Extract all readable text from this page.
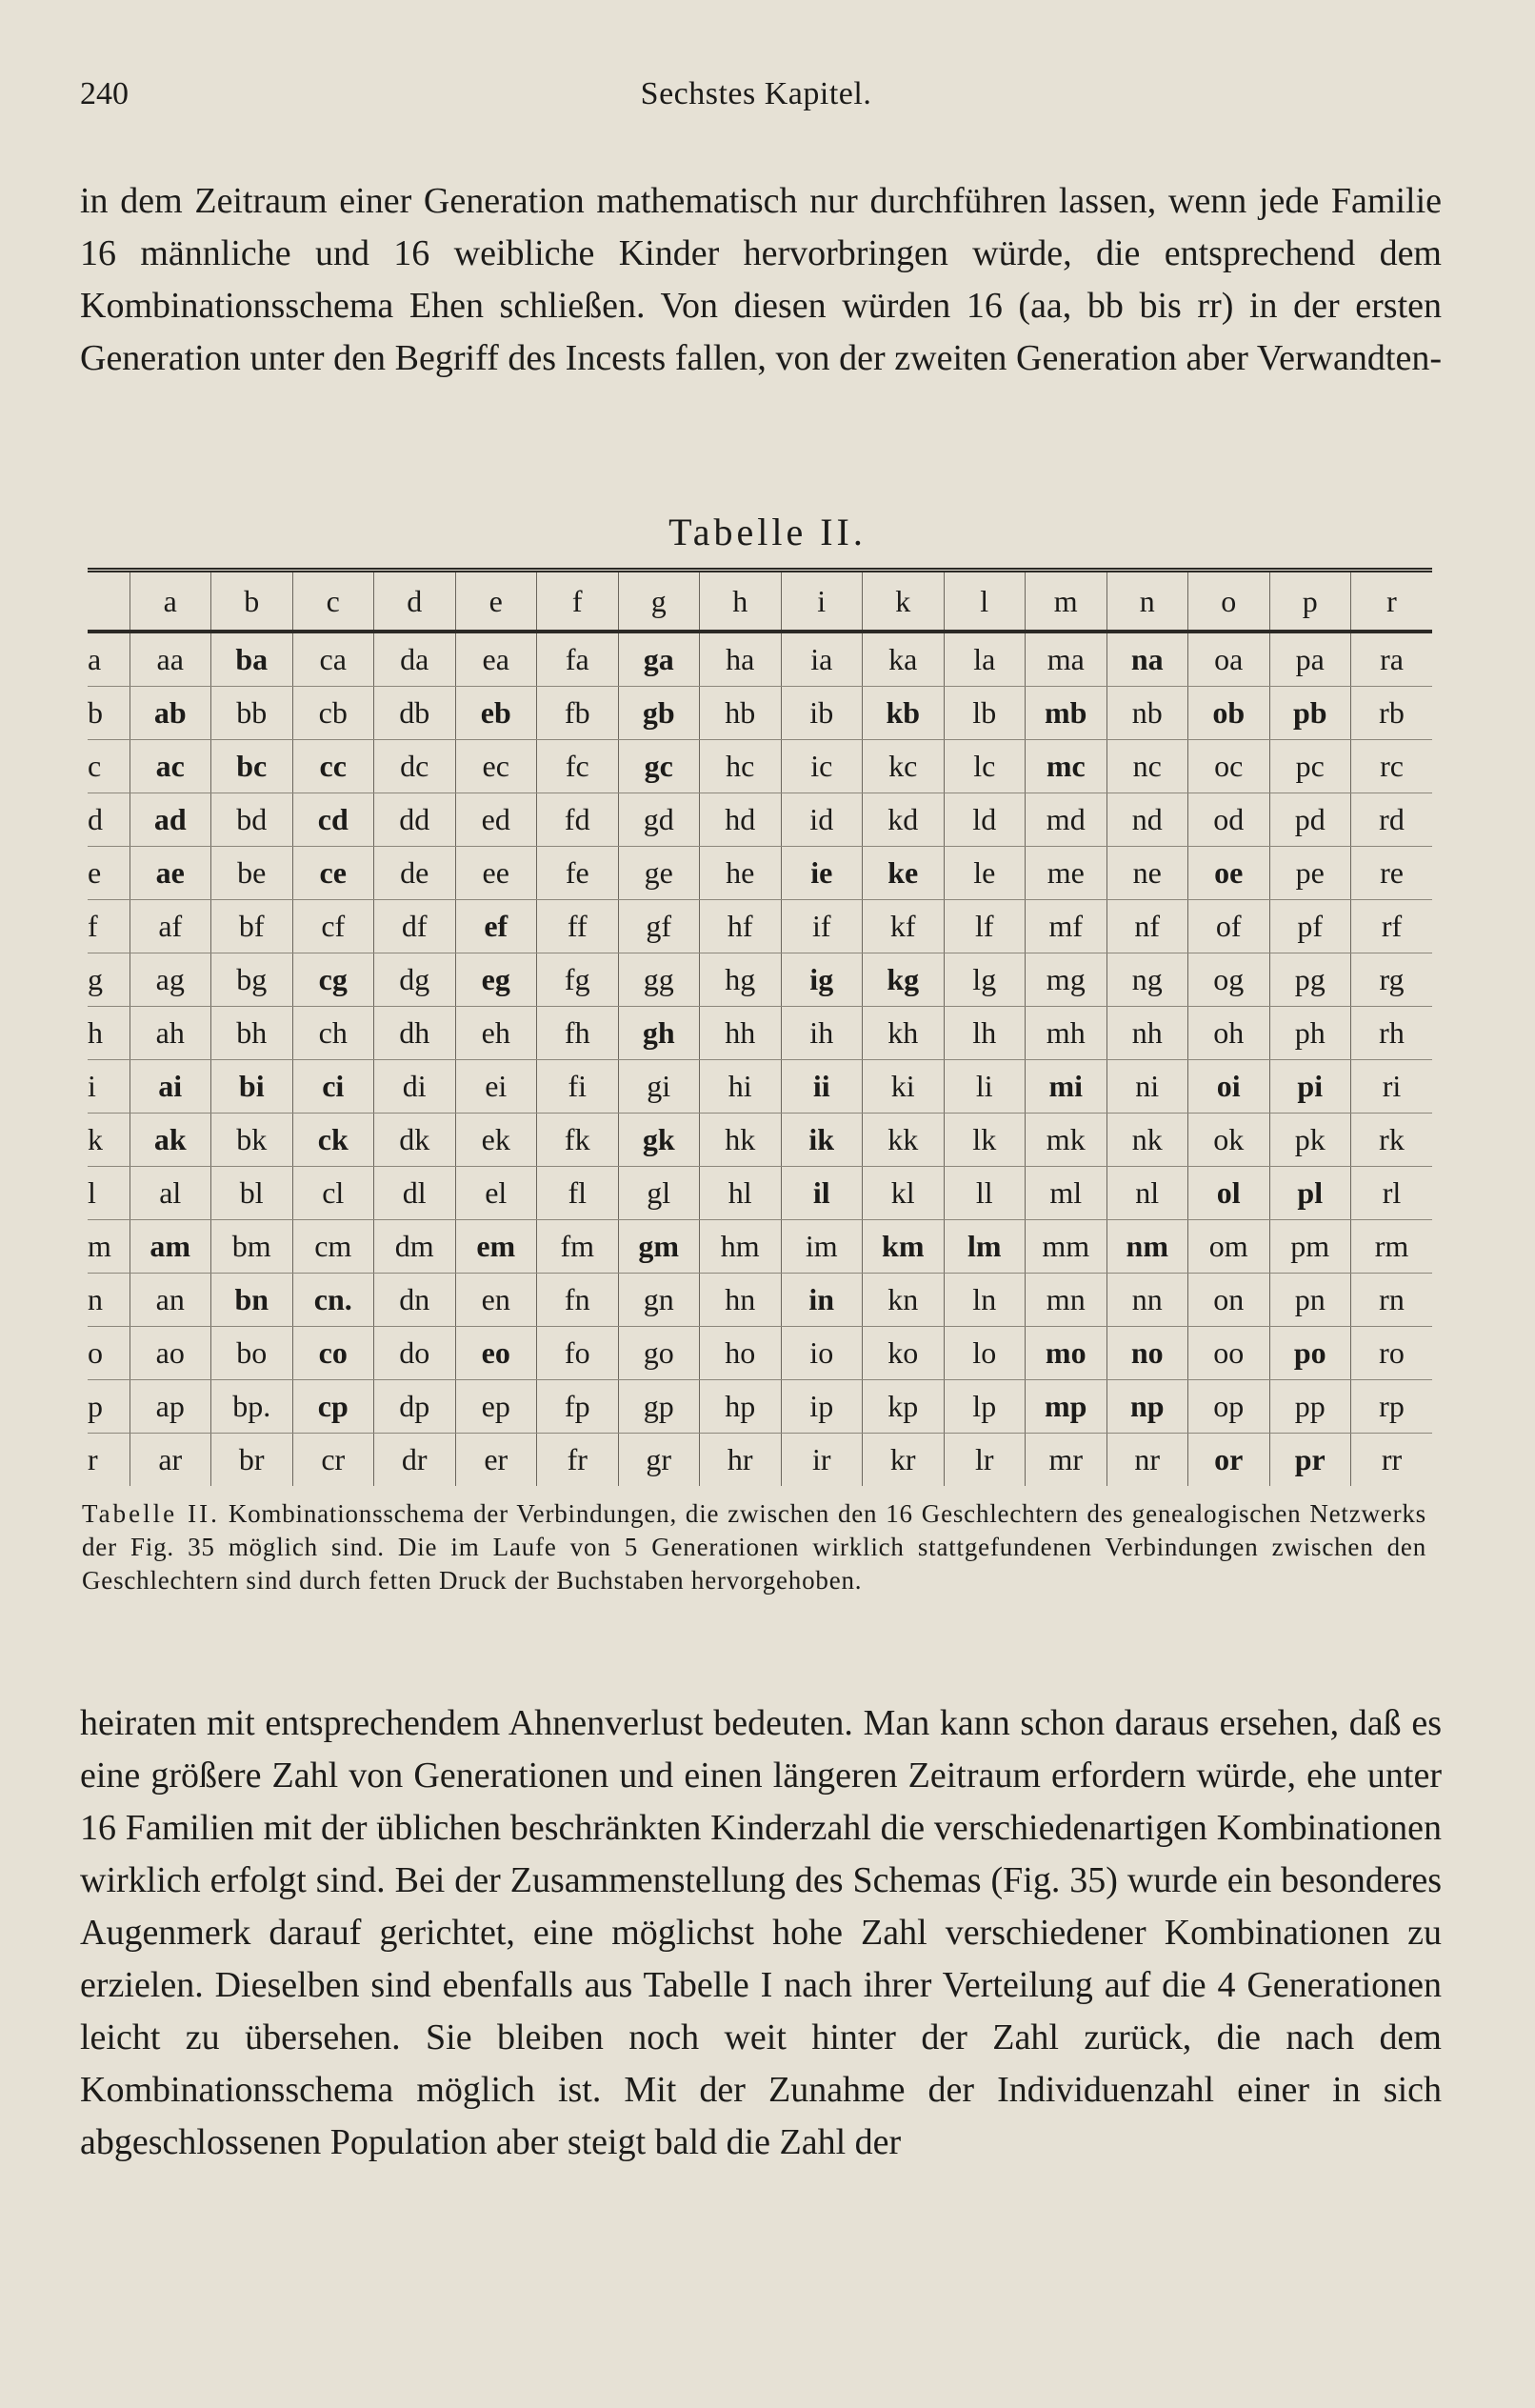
240	Sechstes Kapitel.

in dem Zeitraum einer Generation mathematisch nur durchführen lassen, wenn jede Familie 16 männliche und 16 weibliche Kinder hervorbringen würde, die entsprechend dem Kombinationsschema Ehen schließen. Von diesen würden 16 (aa, bb bis rr) in der ersten Generation unter den Begriff des Incests fallen, von der zweiten Generation aber Verwandten-

Tabelle II.
	a	b	c	d	e	f	g	h	i	k	l	m	n	o	p	r
a	aa	ba	ca	da	ea	fa	ga	ha	ia	ka	la	ma	na	oa	pa	ra
b	ab	bb	cb	db	eb	fb	gb	hb	ib	kb	lb	mb	nb	ob	pb	rb
c	ac	bc	cc	dc	ec	fc	gc	hc	ic	kc	lc	mc	nc	oc	pc	rc
d	ad	bd	cd	dd	ed	fd	gd	hd	id	kd	ld	md	nd	od	pd	rd
e	ae	be	ce	de	ee	fe	ge	he	ie	ke	le	me	ne	oe	pe	re
f	af	bf	cf	df	ef	ff	gf	hf	if	kf	lf	mf	nf	of	pf	rf
g	ag	bg	cg	dg	eg	fg	gg	hg	ig	kg	lg	mg	ng	og	pg	rg
h	ah	bh	ch	dh	eh	fh	gh	hh	ih	kh	lh	mh	nh	oh	ph	rh
i	ai	bi	ci	di	ei	fi	gi	hi	ii	ki	li	mi	ni	oi	pi	ri
k	ak	bk	ck	dk	ek	fk	gk	hk	ik	kk	lk	mk	nk	ok	pk	rk
l	al	bl	cl	dl	el	fl	gl	hl	il	kl	ll	ml	nl	ol	pl	rl
m	am	bm	cm	dm	em	fm	gm	hm	im	km	lm	mm	nm	om	pm	rm
n	an	bn	cn.	dn	en	fn	gn	hn	in	kn	ln	mn	nn	on	pn	rn
o	ao	bo	co	do	eo	fo	go	ho	io	ko	lo	mo	no	oo	po	ro
p	ap	bp.	cp	dp	ep	fp	gp	hp	ip	kp	lp	mp	np	op	pp	rp
r	ar	br	cr	dr	er	fr	gr	hr	ir	kr	lr	mr	nr	or	pr	rr
Tabelle II. Kombinationsschema der Verbindungen, die zwischen den 16 Geschlechtern des genealogischen Netzwerks der Fig. 35 möglich sind. Die im Laufe von 5 Generationen wirklich stattgefundenen Verbindungen zwischen den Geschlechtern sind durch fetten Druck der Buchstaben hervorgehoben.

heiraten mit entsprechendem Ahnenverlust bedeuten. Man kann schon daraus ersehen, daß es eine größere Zahl von Generationen und einen längeren Zeitraum erfordern würde, ehe unter 16 Familien mit der üblichen beschränkten Kinderzahl die verschiedenartigen Kombinationen wirklich erfolgt sind. Bei der Zusammenstellung des Schemas (Fig. 35) wurde ein besonderes Augenmerk darauf gerichtet, eine möglichst hohe Zahl verschiedener Kombinationen zu erzielen. Dieselben sind ebenfalls aus Tabelle I nach ihrer Verteilung auf die 4 Generationen leicht zu übersehen. Sie bleiben noch weit hinter der Zahl zurück, die nach dem Kombinationsschema möglich ist. Mit der Zunahme der Individuenzahl einer in sich abgeschlossenen Population aber steigt bald die Zahl der
